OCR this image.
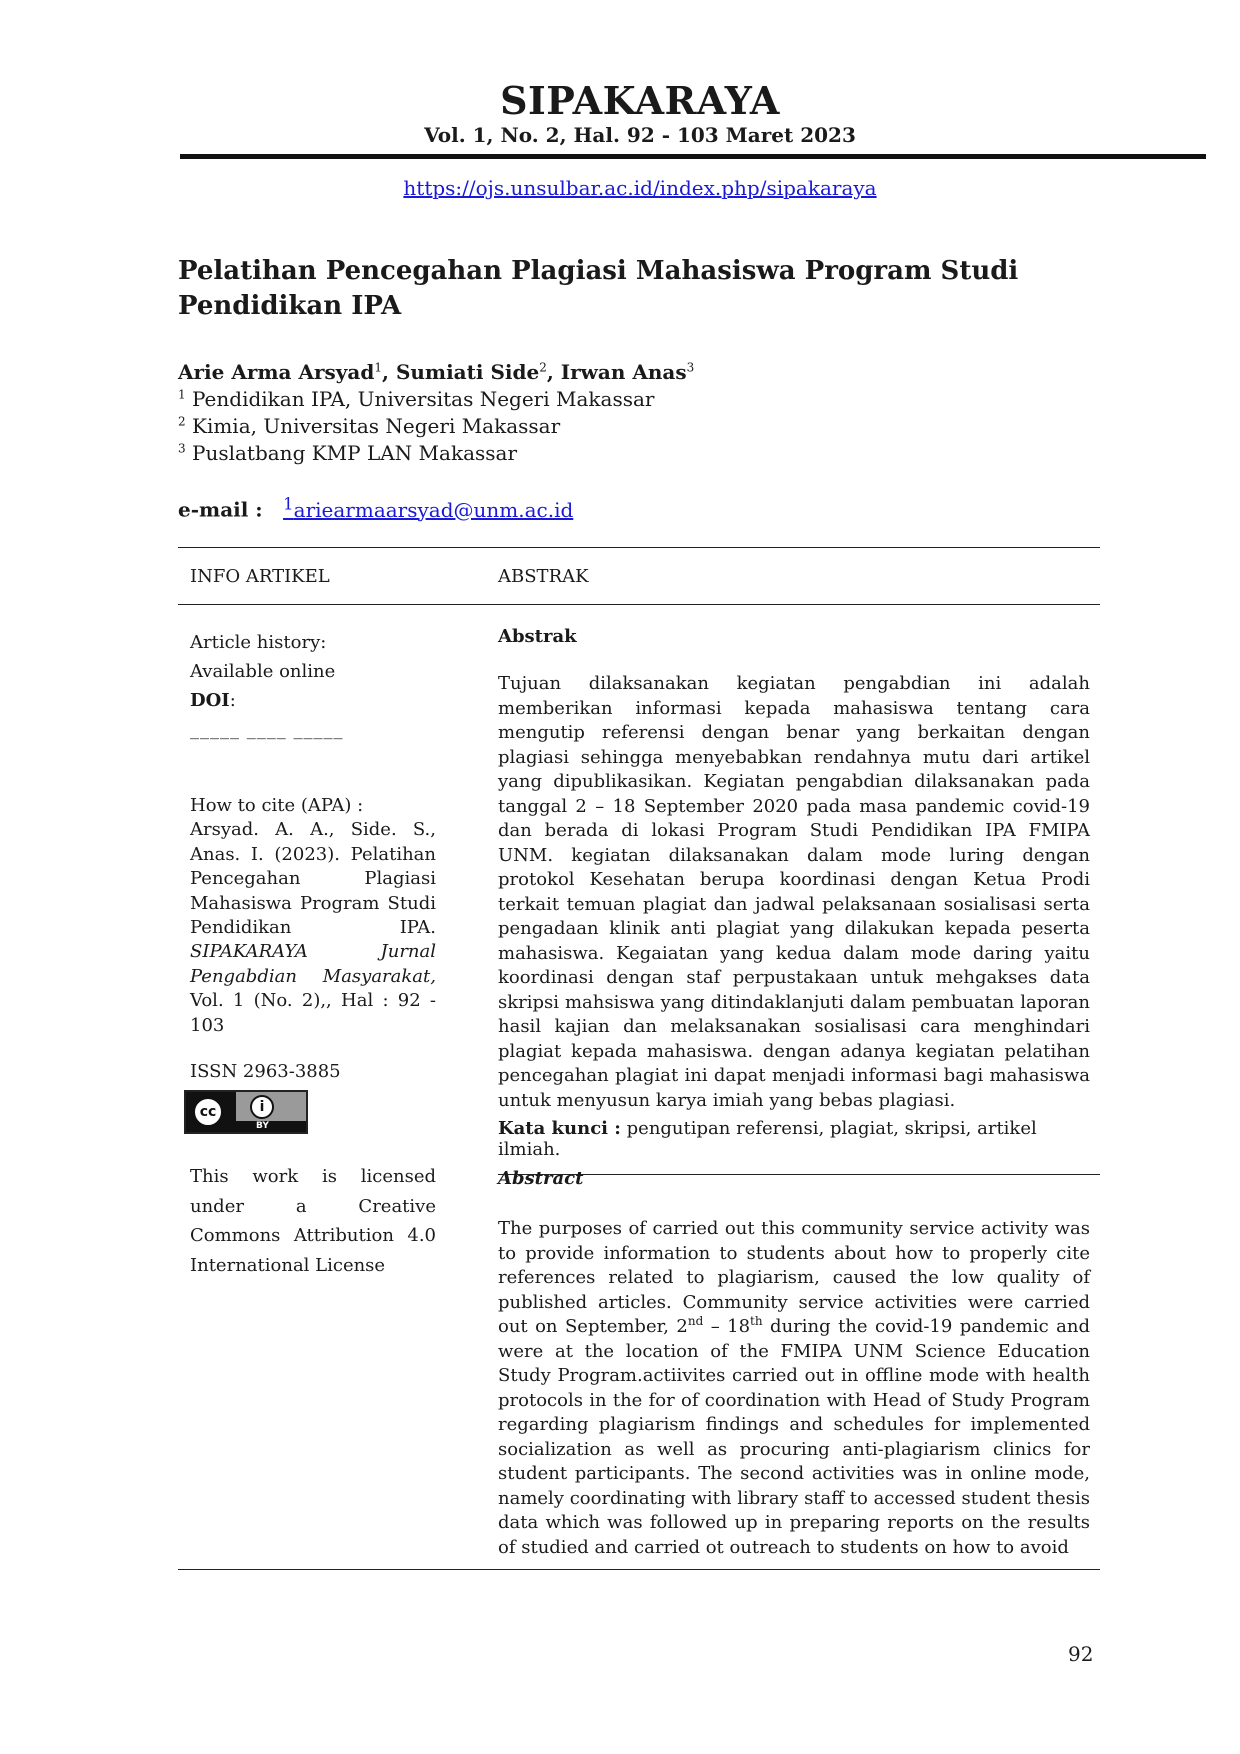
SIPAKARAYA
Vol. 1, No. 2, Hal. 92 - 103 Maret 2023
https://ojs.unsulbar.ac.id/index.php/sipakaraya
Pelatihan Pencegahan Plagiasi Mahasiswa Program Studi
Pendidikan IPA
Arie Arma Arsyad$^1$, Sumiati Side$^2$, Irwan Anas$^3$
$^1$ Pendidikan IPA, Universitas Negeri Makassar
$^2$ Kimia, Universitas Negeri Makassar
$^3$ Puslatbang KMP LAN Makassar
e-mail : $^1$ariearmaarsyad@unm.ac.id
INFO ARTIKEL	ABSTRAK
Article history:
Available online
DOI:
_____ ____ _____
How to cite (APA) :
Arsyad. A. A., Side. S., Anas. I. (2023). Pelatihan Pencegahan Plagiasi Mahasiswa Program Studi Pendidikan IPA. SIPAKARAYA Jurnal Pengabdian Masyarakat, Vol. 1 (No. 2),, Hal : 92 - 103
ISSN 2963-3885
cc	i
BY
This work is licensed under a Creative Commons Attribution 4.0 International License
Abstrak
Tujuan dilaksanakan kegiatan pengabdian ini adalah memberikan informasi kepada mahasiswa tentang cara mengutip referensi dengan benar yang berkaitan dengan plagiasi sehingga menyebabkan rendahnya mutu dari artikel yang dipublikasikan. Kegiatan pengabdian dilaksanakan pada tanggal 2 – 18 September 2020 pada masa pandemic covid-19 dan berada di lokasi Program Studi Pendidikan IPA FMIPA UNM. kegiatan dilaksanakan dalam mode luring dengan protokol Kesehatan berupa koordinasi dengan Ketua Prodi terkait temuan plagiat dan jadwal pelaksanaan sosialisasi serta pengadaan klinik anti plagiat yang dilakukan kepada peserta mahasiswa. Kegaiatan yang kedua dalam mode daring yaitu koordinasi dengan staf perpustakaan untuk mehgakses data skripsi mahsiswa yang ditindaklanjuti dalam pembuatan laporan hasil kajian dan melaksanakan sosialisasi cara menghindari plagiat kepada mahasiswa. dengan adanya kegiatan pelatihan pencegahan plagiat ini dapat menjadi informasi bagi mahasiswa untuk menyusun karya imiah yang bebas plagiasi.
Kata kunci : pengutipan referensi, plagiat, skripsi, artikel ilmiah.
Abstract
The purposes of carried out this community service activity was to provide information to students about how to properly cite references related to plagiarism, caused the low quality of published articles. Community service activities were carried out on September, 2nd – 18th during the covid-19 pandemic and were at the location of the FMIPA UNM Science Education Study Program.actiivites carried out in offline mode with health protocols in the for of coordination with Head of Study Program regarding plagiarism findings and schedules for implemented socialization as well as procuring anti-plagiarism clinics for student participants. The second activities was in online mode, namely coordinating with library staff to accessed student thesis data which was followed up in preparing reports on the results of studied and carried ot outreach to students on how to avoid
92
